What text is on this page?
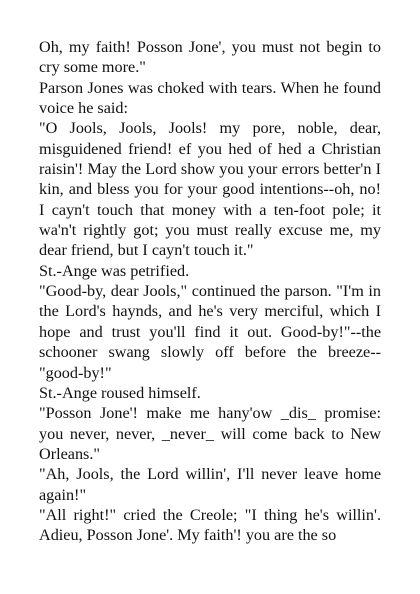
Oh, my faith! Posson Jone', you must not begin to cry some more."

Parson Jones was choked with tears. When he found voice he said:

"O Jools, Jools, Jools! my pore, noble, dear, misguidened friend! ef you hed of hed a Christian raisin'! May the Lord show you your errors better'n I kin, and bless you for your good intentions--oh, no! I cayn't touch that money with a ten-foot pole; it wa'n't rightly got; you must really excuse me, my dear friend, but I cayn't touch it."

St.-Ange was petrified.

"Good-by, dear Jools," continued the parson. "I'm in the Lord's haynds, and he's very merciful, which I hope and trust you'll find it out. Good-by!"--the schooner swang slowly off before the breeze--"good-by!"

St.-Ange roused himself.

"Posson Jone'! make me hany'ow _dis_ promise: you never, never, _never_ will come back to New Orleans."

"Ah, Jools, the Lord willin', I'll never leave home again!"

"All right!" cried the Creole; "I thing he's willin'. Adieu, Posson Jone'. My faith'! you are the so
